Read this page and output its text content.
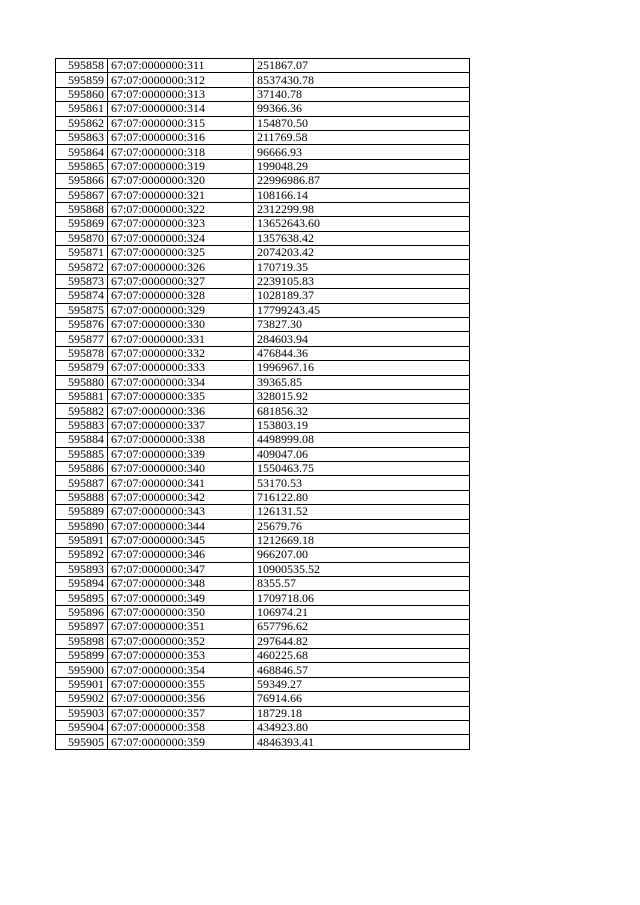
595858	67:07:0000000:311	251867.07
595859	67:07:0000000:312	8537430.78
595860	67:07:0000000:313	37140.78
595861	67:07:0000000:314	99366.36
595862	67:07:0000000:315	154870.50
595863	67:07:0000000:316	211769.58
595864	67:07:0000000:318	96666.93
595865	67:07:0000000:319	199048.29
595866	67:07:0000000:320	22996986.87
595867	67:07:0000000:321	108166.14
595868	67:07:0000000:322	2312299.98
595869	67:07:0000000:323	13652643.60
595870	67:07:0000000:324	1357638.42
595871	67:07:0000000:325	2074203.42
595872	67:07:0000000:326	170719.35
595873	67:07:0000000:327	2239105.83
595874	67:07:0000000:328	1028189.37
595875	67:07:0000000:329	17799243.45
595876	67:07:0000000:330	73827.30
595877	67:07:0000000:331	284603.94
595878	67:07:0000000:332	476844.36
595879	67:07:0000000:333	1996967.16
595880	67:07:0000000:334	39365.85
595881	67:07:0000000:335	328015.92
595882	67:07:0000000:336	681856.32
595883	67:07:0000000:337	153803.19
595884	67:07:0000000:338	4498999.08
595885	67:07:0000000:339	409047.06
595886	67:07:0000000:340	1550463.75
595887	67:07:0000000:341	53170.53
595888	67:07:0000000:342	716122.80
595889	67:07:0000000:343	126131.52
595890	67:07:0000000:344	25679.76
595891	67:07:0000000:345	1212669.18
595892	67:07:0000000:346	966207.00
595893	67:07:0000000:347	10900535.52
595894	67:07:0000000:348	8355.57
595895	67:07:0000000:349	1709718.06
595896	67:07:0000000:350	106974.21
595897	67:07:0000000:351	657796.62
595898	67:07:0000000:352	297644.82
595899	67:07:0000000:353	460225.68
595900	67:07:0000000:354	468846.57
595901	67:07:0000000:355	59349.27
595902	67:07:0000000:356	76914.66
595903	67:07:0000000:357	18729.18
595904	67:07:0000000:358	434923.80
595905	67:07:0000000:359	4846393.41
